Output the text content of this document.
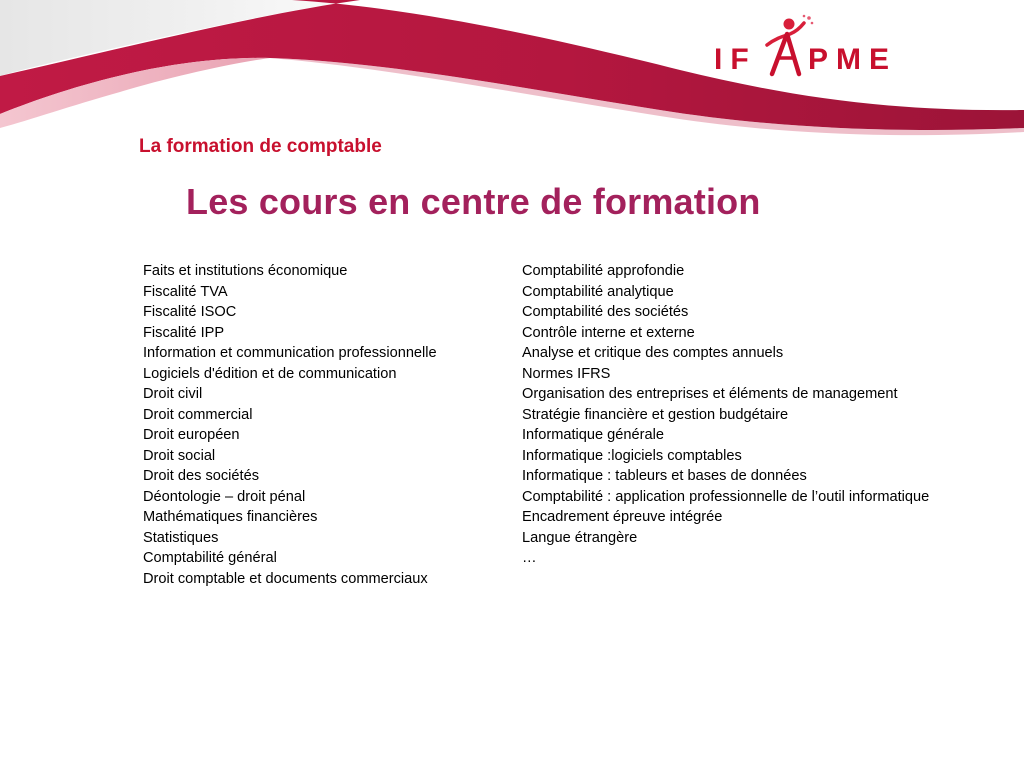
IF PME
La formation de comptable
Les cours en centre de formation
Faits et institutions économique
Fiscalité TVA
Fiscalité ISOC
Fiscalité IPP
Information et communication professionnelle
Logiciels d'édition et de communication
Droit civil
Droit commercial
Droit européen
Droit social
Droit des sociétés
Déontologie – droit pénal
Mathématiques financières
Statistiques
Comptabilité général
Droit comptable et documents commerciaux
Comptabilité approfondie
Comptabilité analytique
Comptabilité des sociétés
Contrôle interne et externe
Analyse et critique des comptes annuels
Normes IFRS
Organisation des entreprises et éléments de management
Stratégie financière et gestion budgétaire
Informatique générale
Informatique :logiciels comptables
Informatique : tableurs et bases de données
Comptabilité : application professionnelle de l’outil informatique
Encadrement épreuve intégrée
Langue étrangère
…
